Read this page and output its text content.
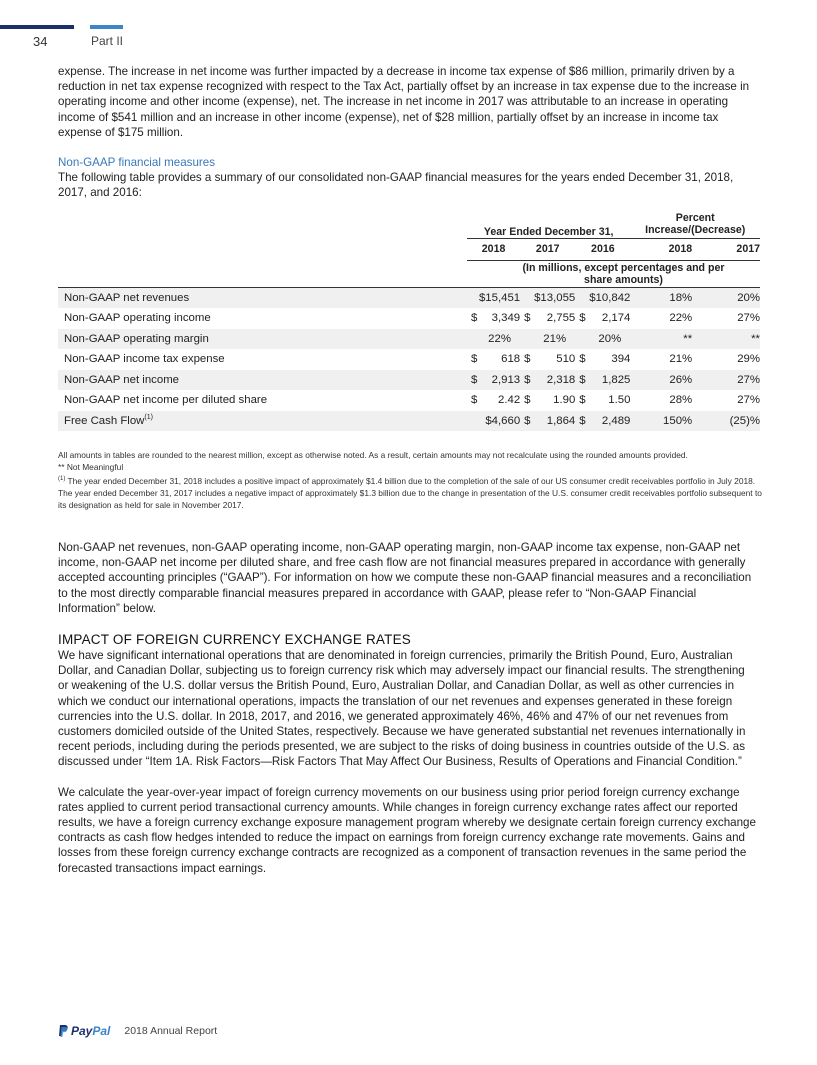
34	Part II

expense. The increase in net income was further impacted by a decrease in income tax expense of $86 million, primarily driven by a reduction in net tax expense recognized with respect to the Tax Act, partially offset by an increase in tax expense due to the increase in operating income and other income (expense), net. The increase in net income in 2017 was attributable to an increase in operating income of $541 million and an increase in other income (expense), net of $28 million, partially offset by an increase in income tax expense of $175 million.

Non-GAAP financial measures

The following table provides a summary of our consolidated non-GAAP financial measures for the years ended December 31, 2018, 2017, and 2016:

	Year Ended December 31,						Percent Increase/(Decrease)	
	2018		2017		2016		2018	2017
	(In millions, except percentages and per share amounts)							
Non-GAAP net revenues		$15,451		$13,055		$10,842	18%	20%
Non-GAAP operating income	$	3,349	$	2,755	$	2,174	22%	27%
Non-GAAP operating margin		22%		21%		20%	**	**
Non-GAAP income tax expense	$	618	$	510	$	394	21%	29%
Non-GAAP net income	$	2,913	$	2,318	$	1,825	26%	27%
Non-GAAP net income per diluted share	$	2.42	$	1.90	$	1.50	28%	27%
Free Cash Flow$^{(1)}$		$4,660	$	1,864	$	2,489	150%	(25)%

All amounts in tables are rounded to the nearest million, except as otherwise noted. As a result, certain amounts may not recalculate using the rounded amounts provided.

** Not Meaningful

$^{(1)}$ The year ended December 31, 2018 includes a positive impact of approximately $1.4 billion due to the completion of the sale of our US consumer credit receivables portfolio in July 2018. The year ended December 31, 2017 includes a negative impact of approximately $1.3 billion due to the change in presentation of the U.S. consumer credit receivables portfolio subsequent to its designation as held for sale in November 2017.

Non-GAAP net revenues, non-GAAP operating income, non-GAAP operating margin, non-GAAP income tax expense, non-GAAP net income, non-GAAP net income per diluted share, and free cash flow are not financial measures prepared in accordance with generally accepted accounting principles (“GAAP”). For information on how we compute these non-GAAP financial measures and a reconciliation to the most directly comparable financial measures prepared in accordance with GAAP, please refer to “Non-GAAP Financial Information” below.

IMPACT OF FOREIGN CURRENCY EXCHANGE RATES

We have significant international operations that are denominated in foreign currencies, primarily the British Pound, Euro, Australian Dollar, and Canadian Dollar, subjecting us to foreign currency risk which may adversely impact our financial results. The strengthening or weakening of the U.S. dollar versus the British Pound, Euro, Australian Dollar, and Canadian Dollar, as well as other currencies in which we conduct our international operations, impacts the translation of our net revenues and expenses generated in these foreign currencies into the U.S. dollar. In 2018, 2017, and 2016, we generated approximately 46%, 46% and 47% of our net revenues from customers domiciled outside of the United States, respectively. Because we have generated substantial net revenues internationally in recent periods, including during the periods presented, we are subject to the risks of doing business in countries outside of the U.S. as discussed under “Item 1A. Risk Factors—Risk Factors That May Affect Our Business, Results of Operations and Financial Condition.”

We calculate the year-over-year impact of foreign currency movements on our business using prior period foreign currency exchange rates applied to current period transactional currency amounts. While changes in foreign currency exchange rates affect our reported results, we have a foreign currency exchange exposure management program whereby we designate certain foreign currency exchange contracts as cash flow hedges intended to reduce the impact on earnings from foreign currency exchange rate movements. Gains and losses from these foreign currency exchange contracts are recognized as a component of transaction revenues in the same period the forecasted transactions impact earnings.

Pay Pal 2018 Annual Report
